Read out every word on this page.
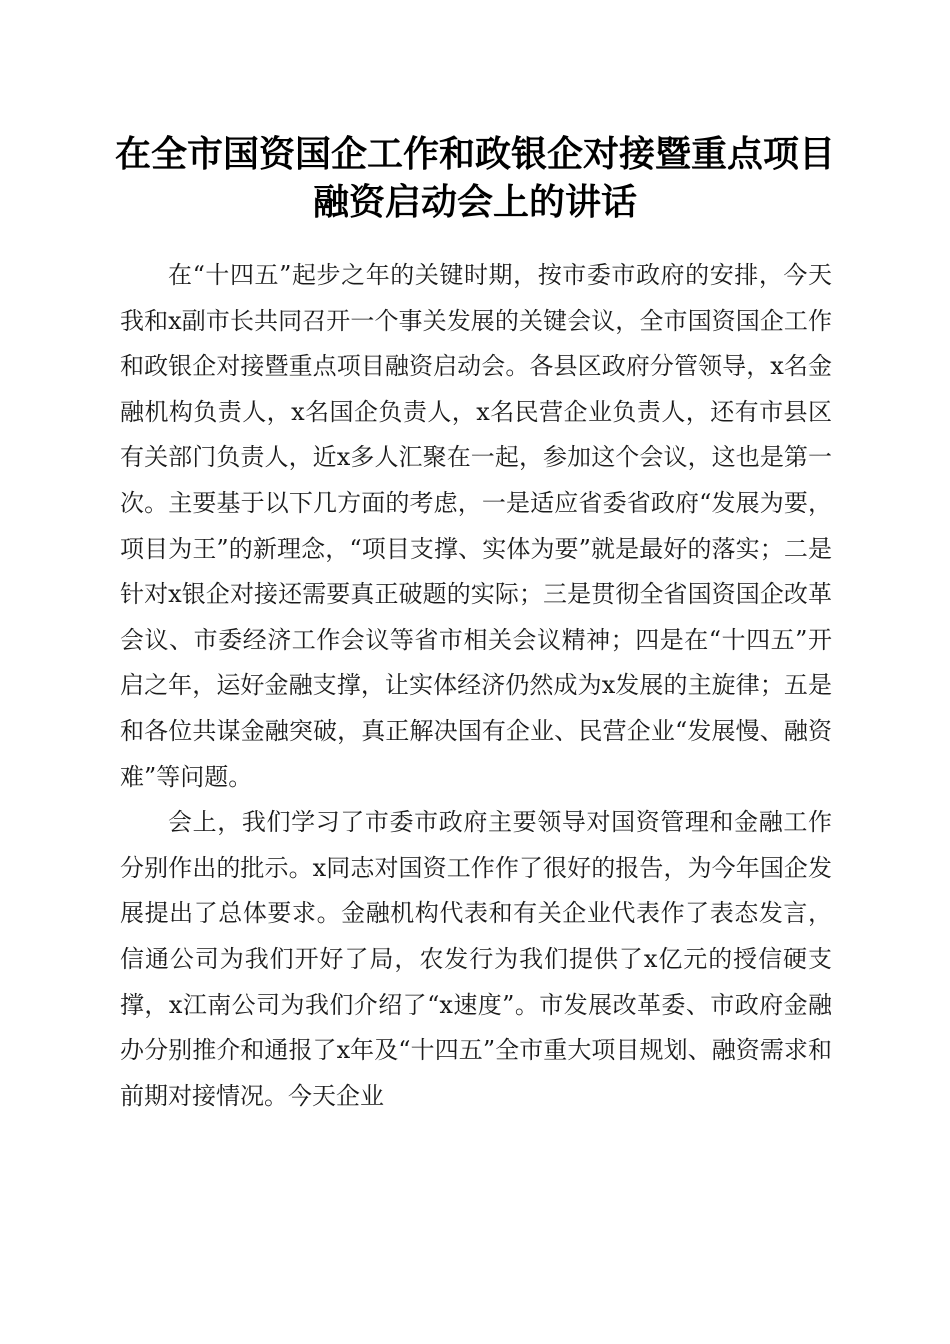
在全市国资国企工作和政银企对接暨重点项目
融资启动会上的讲话

在“十四五”起步之年的关键时期，按市委市政府的安排，今天我和x副市长共同召开一个事关发展的关键会议，全市国资国企工作和政银企对接暨重点项目融资启动会。各县区政府分管领导，x名金融机构负责人，x名国企负责人，x名民营企业负责人，还有市县区有关部门负责人，近x多人汇聚在一起，参加这个会议，这也是第一次。主要基于以下几方面的考虑，一是适应省委省政府“发展为要，项目为王”的新理念，“项目支撑、实体为要”就是最好的落实；二是针对x银企对接还需要真正破题的实际；三是贯彻全省国资国企改革会议、市委经济工作会议等省市相关会议精神；四是在“十四五”开启之年，运好金融支撑，让实体经济仍然成为x发展的主旋律；五是和各位共谋金融突破，真正解决国有企业、民营企业“发展慢、融资难”等问题。

会上，我们学习了市委市政府主要领导对国资管理和金融工作分别作出的批示。x同志对国资工作作了很好的报告，为今年国企发展提出了总体要求。金融机构代表和有关企业代表作了表态发言，信通公司为我们开好了局，农发行为我们提供了x亿元的授信硬支撑，x江南公司为我们介绍了“x速度”。市发展改革委、市政府金融办分别推介和通报了x年及“十四五”全市重大项目规划、融资需求和前期对接情况。今天企业
